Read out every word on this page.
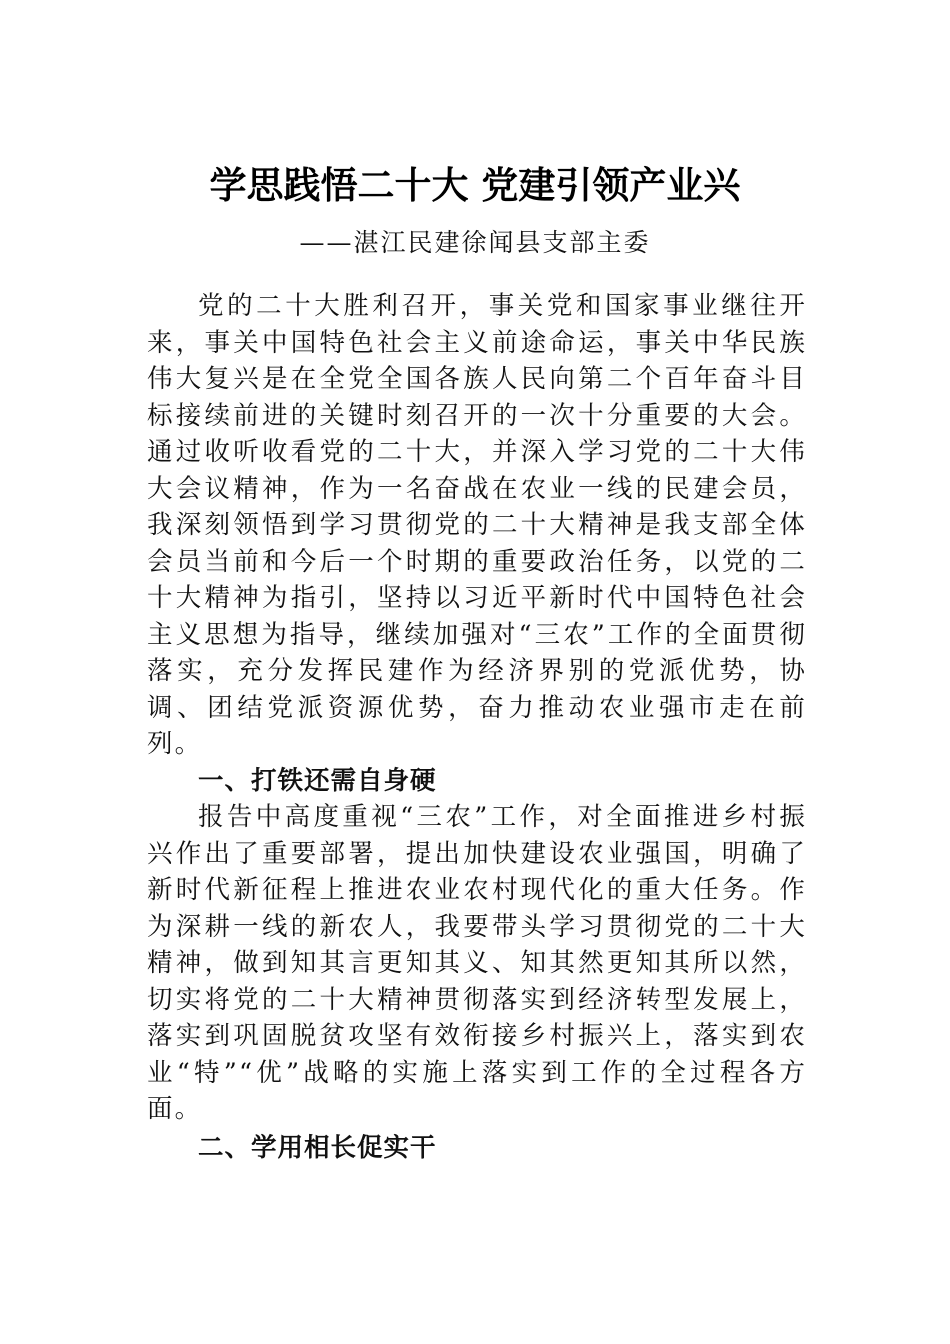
学思践悟二十大 党建引领产业兴
——湛江民建徐闻县支部主委

党的二十大胜利召开，事关党和国家事业继往开来，事关中国特色社会主义前途命运，事关中华民族伟大复兴是在全党全国各族人民向第二个百年奋斗目标接续前进的关键时刻召开的一次十分重要的大会。通过收听收看党的二十大，并深入学习党的二十大伟大会议精神，作为一名奋战在农业一线的民建会员，我深刻领悟到学习贯彻党的二十大精神是我支部全体会员当前和今后一个时期的重要政治任务，以党的二十大精神为指引，坚持以习近平新时代中国特色社会主义思想为指导，继续加强对“三农”工作的全面贯彻落实，充分发挥民建作为经济界别的党派优势，协调、团结党派资源优势，奋力推动农业强市走在前列。

一、打铁还需自身硬

报告中高度重视“三农”工作，对全面推进乡村振兴作出了重要部署，提出加快建设农业强国，明确了新时代新征程上推进农业农村现代化的重大任务。作为深耕一线的新农人，我要带头学习贯彻党的二十大精神，做到知其言更知其义、知其然更知其所以然，切实将党的二十大精神贯彻落实到经济转型发展上，落实到巩固脱贫攻坚有效衔接乡村振兴上，落实到农业“特”“优”战略的实施上落实到工作的全过程各方面。

二、学用相长促实干
